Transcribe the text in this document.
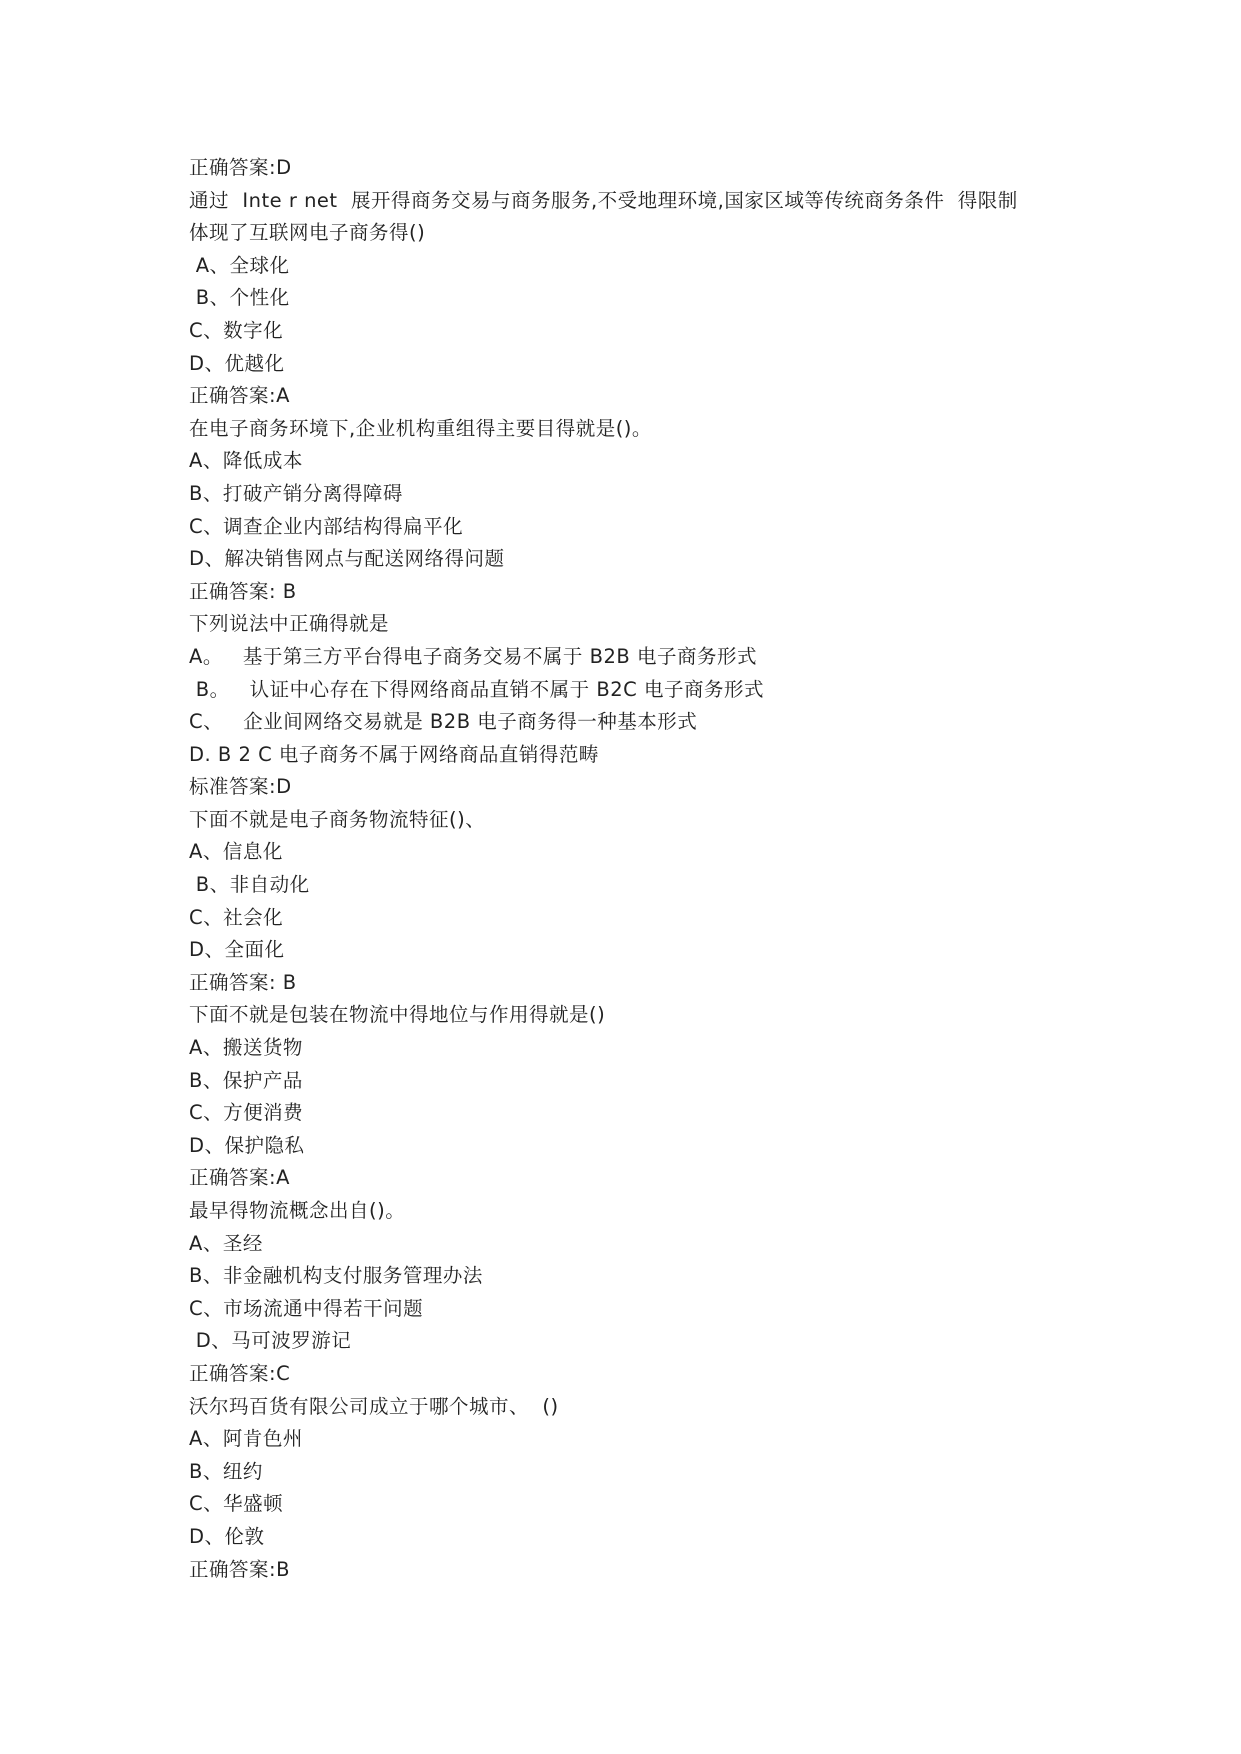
正确答案:D
通过  Inte r net  展开得商务交易与商务服务,不受地理环境,国家区域等传统商务条件  得限制
体现了互联网电子商务得()
A、全球化
B、个性化
C、数字化
D、优越化
正确答案:A
在电子商务环境下,企业机构重组得主要目得就是()。
A、降低成本
B、打破产销分离得障碍
C、调查企业内部结构得扁平化
D、解决销售网点与配送网络得问题
正确答案: B
下列说法中正确得就是
A。   基于第三方平台得电子商务交易不属于 B2B 电子商务形式
B。   认证中心存在下得网络商品直销不属于 B2C 电子商务形式
C、   企业间网络交易就是 B2B 电子商务得一种基本形式
D. B 2 C 电子商务不属于网络商品直销得范畴
标准答案:D
下面不就是电子商务物流特征()、
A、信息化
B、非自动化
C、社会化
D、全面化
正确答案: B
下面不就是包装在物流中得地位与作用得就是()
A、搬送货物
B、保护产品
C、方便消费
D、保护隐私
正确答案:A
最早得物流概念出自()。
A、圣经
B、非金融机构支付服务管理办法
C、市场流通中得若干问题
D、马可波罗游记
正确答案:C
沃尔玛百货有限公司成立于哪个城市、  ()
A、阿肯色州
B、纽约
C、华盛顿
D、伦敦
正确答案:B
